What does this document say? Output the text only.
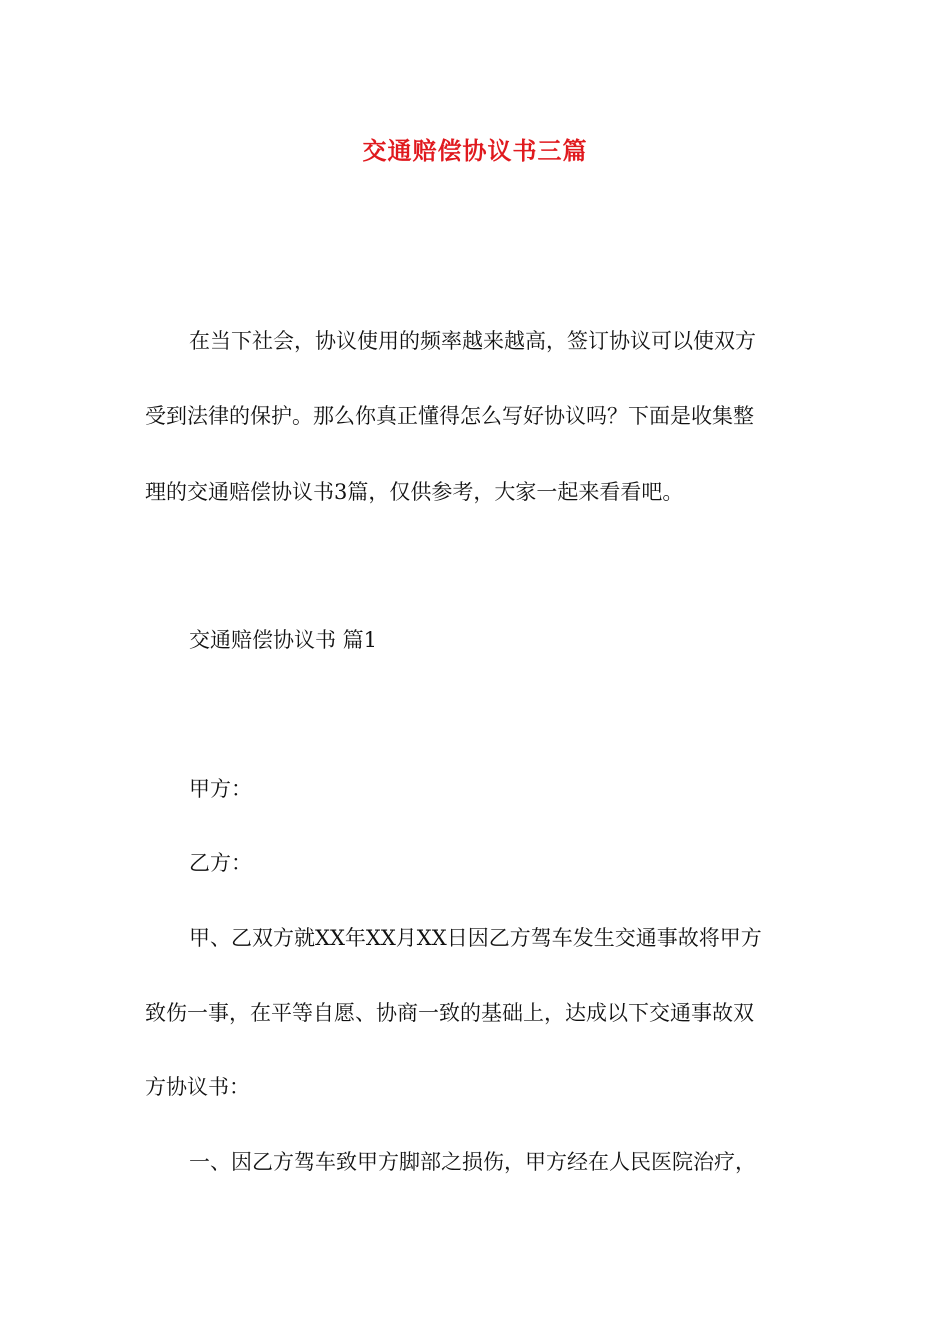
交通赔偿协议书三篇
在当下社会，协议使用的频率越来越高，签订协议可以使双方
受到法律的保护。那么你真正懂得怎么写好协议吗？下面是收集整
理的交通赔偿协议书3篇，仅供参考，大家一起来看看吧。
交通赔偿协议书 篇1
甲方：
乙方：
甲、乙双方就XX年XX月XX日因乙方驾车发生交通事故将甲方
致伤一事，在平等自愿、协商一致的基础上，达成以下交通事故双
方协议书：
一、因乙方驾车致甲方脚部之损伤，甲方经在人民医院治疗，
